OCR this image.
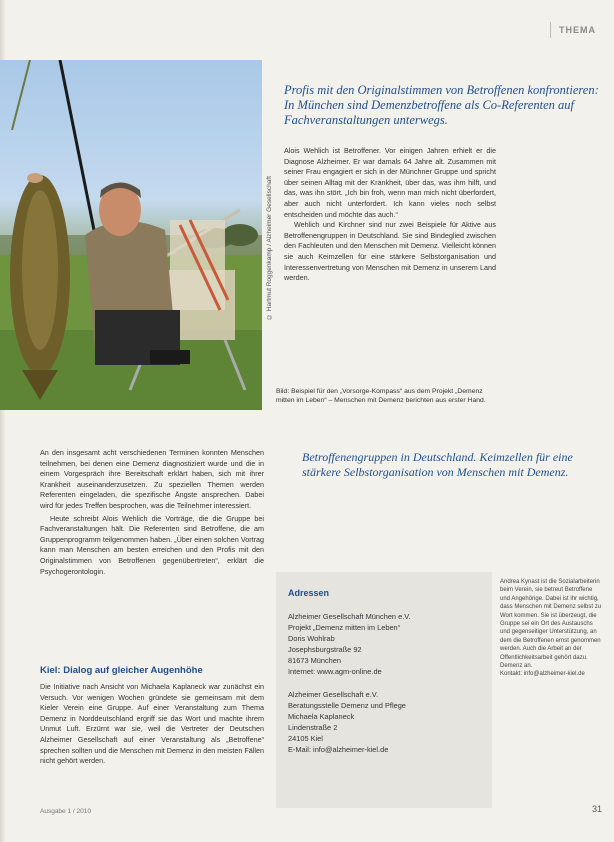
THEMA
© Hartmut Roggenkamp / Alzheimer Gesellschaft
Profis mit den Originalstimmen von Betroffenen konfrontieren: In München sind Demenzbetroffene als Co-Referenten auf Fachveranstaltungen unterwegs.

Alois Wehlich ist Betroffener. Vor einigen Jahren erhielt er die Diagnose Alzheimer. Er war damals 64 Jahre alt. Zusammen mit seiner Frau engagiert er sich in der Münchner Gruppe und spricht über seinen Alltag mit der Krankheit, über das, was ihm hilft, und das, was ihn stört. „Ich bin froh, wenn man mich nicht überfordert, aber auch nicht unterfordert. Ich kann vieles noch selbst entscheiden und möchte das auch.“

Wehlich und Kirchner sind nur zwei Beispiele für Aktive aus Betroffenengruppen in Deutschland. Sie sind Bindeglied zwischen den Fachleuten und den Menschen mit Demenz. Vielleicht können sie auch Keimzellen für eine stärkere Selbstorganisation und Interessenvertretung von Menschen mit Demenz in unserem Land werden.

Bild: Beispiel für den „Vorsorge-Kompass“ aus dem Projekt „Demenz mitten im Leben“ – Menschen mit Demenz berichten aus erster Hand.
Betroffenengruppen in Deutschland. Keimzellen für eine stärkere Selbstorganisation von Menschen mit Demenz.

An den insgesamt acht verschiedenen Terminen konnten Menschen teilnehmen, bei denen eine Demenz diagnostiziert wurde und die in einem Vorgespräch ihre Bereitschaft erklärt haben, sich mit ihrer Krankheit auseinanderzusetzen. Zu speziellen Themen werden Referenten eingeladen, die spezifische Ängste ansprechen. Dabei wird für jedes Treffen besprochen, was die Teilnehmer interessiert.

Heute schreibt Alois Wehlich die Vorträge, die die Gruppe bei Fachveranstaltungen hält. Die Referenten sind Betroffene, die am Gruppenprogramm teilgenommen haben. „Über einen solchen Vortrag kann man Menschen am besten erreichen und den Profis mit den Originalstimmen von Betroffenen gegenübertreten“, erklärt die Psychogerontologin.

Kiel: Dialog auf gleicher Augenhöhe
Die Initiative nach Ansicht von Michaela Kaplaneck war zunächst ein Versuch. Vor wenigen Wochen gründete sie gemeinsam mit dem Kieler Verein eine Gruppe. Auf einer Veranstaltung zum Thema Demenz in Norddeutschland ergriff sie das Wort und machte ihrem Unmut Luft. Erzürnt war sie, weil die Vertreter der Deutschen Alzheimer Gesellschaft auf einer Veranstaltung als „Betroffene“ sprechen sollten und die Menschen mit Demenz in den meisten Fällen nicht gehört werden.
Adressen
Alzheimer Gesellschaft München e.V.
Projekt „Demenz mitten im Leben“
Doris Wohlrab
Josephsburgstraße 92
81673 München
Internet: www.agm-online.de
Alzheimer Gesellschaft e.V.
Beratungsstelle Demenz und Pflege
Michaela Kaplaneck
Lindenstraße 2
24105 Kiel
E-Mail: info@alzheimer-kiel.de
Andrea Kynast ist die Sozialarbeiterin
beim Verein, sie betreut Betroffene
und Angehörige. Dabei ist ihr wichtig,
dass Menschen mit Demenz selbst zu
Wort kommen. Sie ist überzeugt, die
Gruppe sei ein Ort des Austauschs
und gegenseitiger Unterstützung, an
dem die Betroffenen ernst genommen
werden. Auch die Arbeit an der
Öffentlichkeitsarbeit gehört dazu.
Demenz an.
Kontakt: info@alzheimer-kiel.de
Ausgabe 1 / 2010	31
